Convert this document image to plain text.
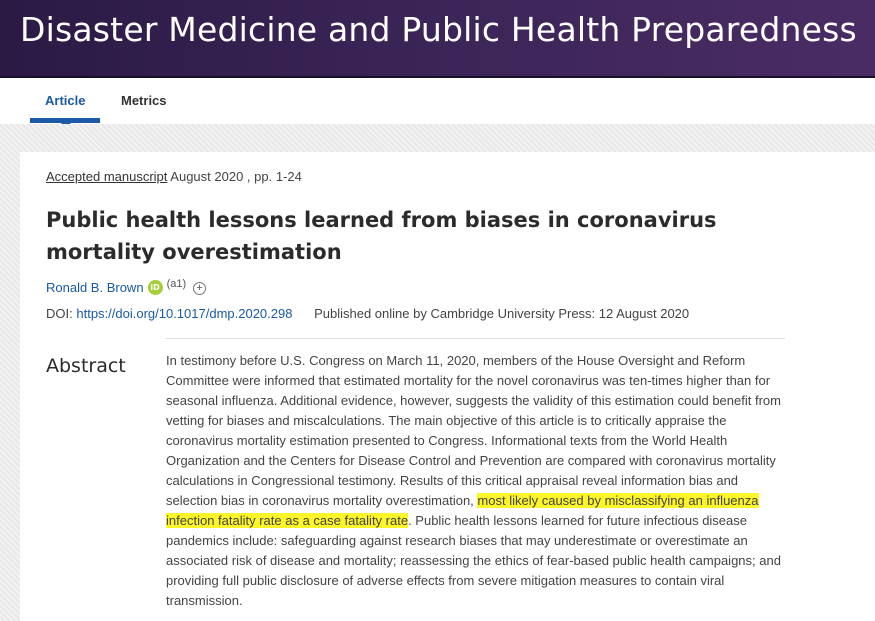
Disaster Medicine and Public Health Preparedness
Article	Metrics
Accepted manuscript August 2020 , pp. 1-24
Public health lessons learned from biases in coronavirus mortality overestimation
Ronald B. Brown iD (a1) +
DOI: https://doi.org/10.1017/dmp.2020.298 Published online by Cambridge University Press: 12 August 2020
Abstract	In testimony before U.S. Congress on March 11, 2020, members of the House Oversight and Reform Committee were informed that estimated mortality for the novel coronavirus was ten-times higher than for seasonal influenza. Additional evidence, however, suggests the validity of this estimation could benefit from vetting for biases and miscalculations. The main objective of this article is to critically appraise the coronavirus mortality estimation presented to Congress. Informational texts from the World Health Organization and the Centers for Disease Control and Prevention are compared with coronavirus mortality calculations in Congressional testimony. Results of this critical appraisal reveal information bias and selection bias in coronavirus mortality overestimation, most likely caused by misclassifying an influenza infection fatality rate as a case fatality rate. Public health lessons learned for future infectious disease pandemics include: safeguarding against research biases that may underestimate or overestimate an associated risk of disease and mortality; reassessing the ethics of fear-based public health campaigns; and providing full public disclosure of adverse effects from severe mitigation measures to contain viral transmission.
